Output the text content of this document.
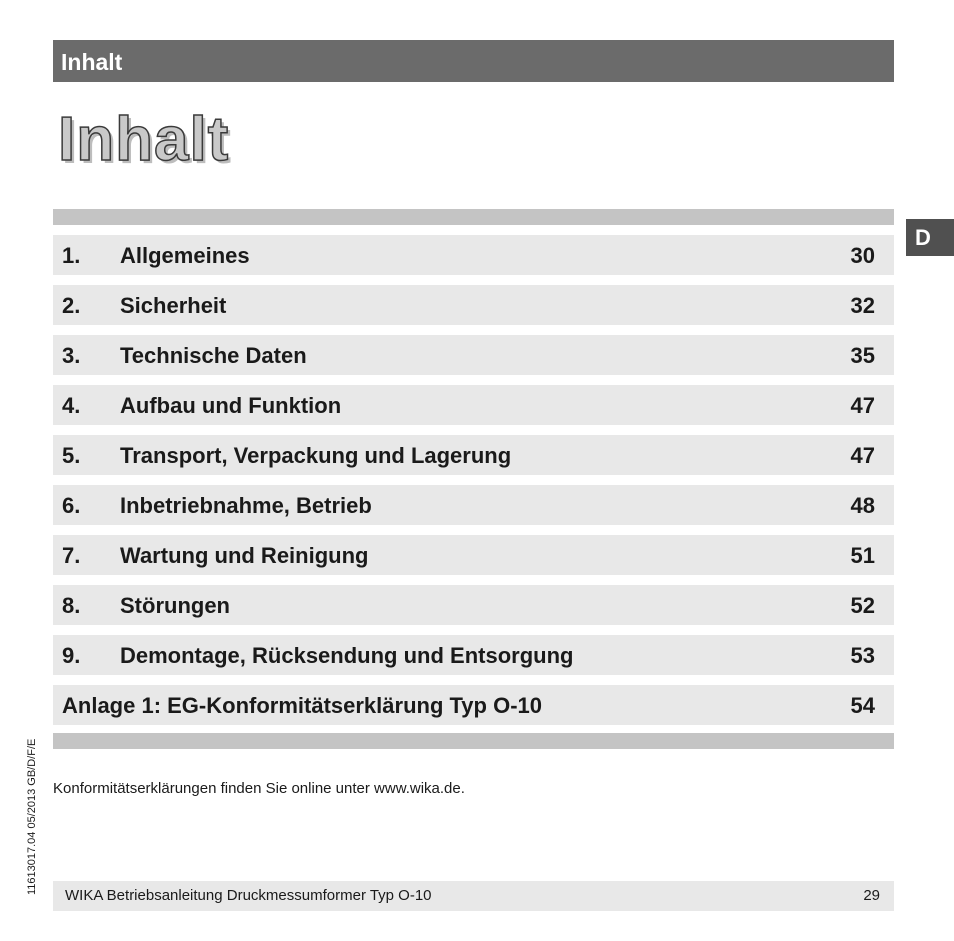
Inhalt
Inhalt
D
1. Allgemeines	30
2. Sicherheit	32
3. Technische Daten	35
4. Aufbau und Funktion	47
5. Transport, Verpackung und Lagerung	47
6. Inbetriebnahme, Betrieb	48
7. Wartung und Reinigung	51
8. Störungen	52
9. Demontage, Rücksendung und Entsorgung	53
Anlage 1: EG-Konformitätserklärung Typ O-10	54
Konformitätserklärungen finden Sie online unter www.wika.de.
11613017.04 05/2013 GB/D/F/E
WIKA Betriebsanleitung Druckmessumformer Typ O-10	29
